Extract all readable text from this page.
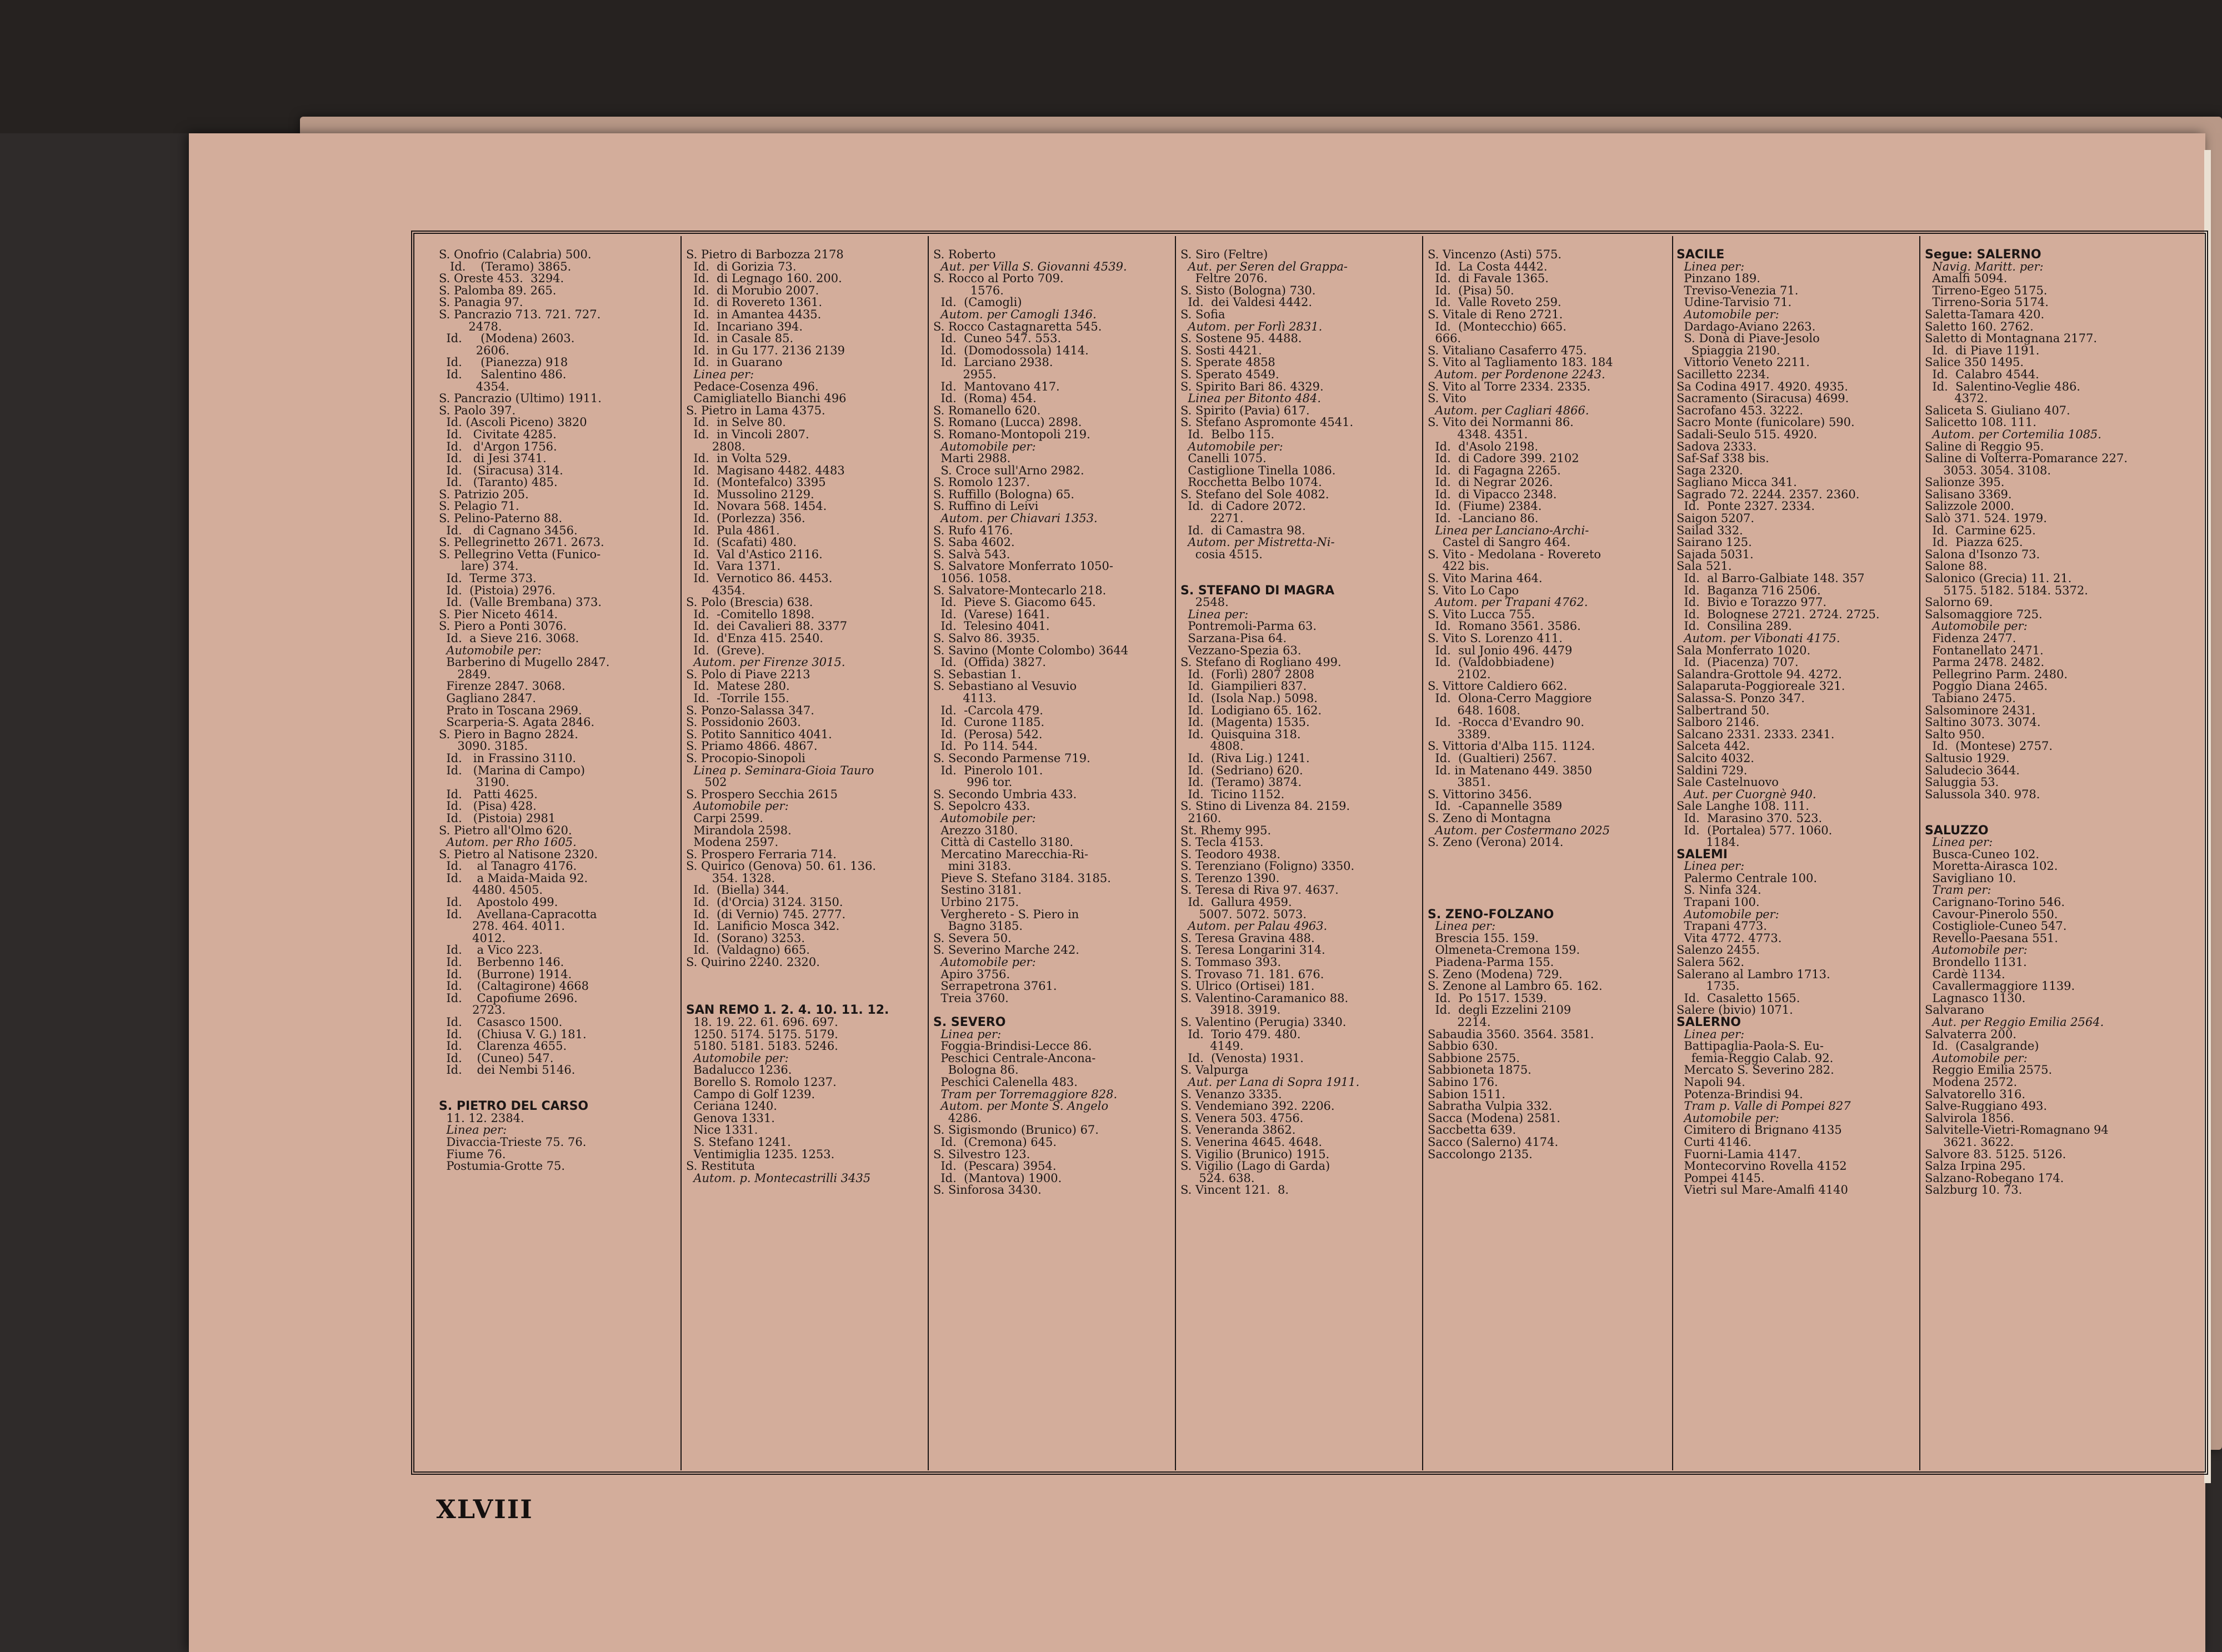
S. Onofrio (Calabria) 500.
Id.    (Teramo) 3865.
S. Oreste 453.  3294.
S. Palomba 89. 265.
S. Panagia 97.
S. Pancrazio 713. 721. 727.
2478.
Id.     (Modena) 2603.
2606.
Id.     (Pianezza) 918
Id.     Salentino 486.
4354.
S. Pancrazio (Ultimo) 1911.
S. Paolo 397.
Id. (Ascoli Piceno) 3820
Id.   Civitate 4285.
Id.   d'Argon 1756.
Id.   di Jesi 3741.
Id.   (Siracusa) 314.
Id.   (Taranto) 485.
S. Patrizio 205.
S. Pelagio 71.
S. Pelino-Paterno 88.
Id.   di Cagnano 3456.
S. Pellegrinetto 2671. 2673.
S. Pellegrino Vetta (Funico-
lare) 374.
Id.  Terme 373.
Id.  (Pistoia) 2976.
Id.  (Valle Brembana) 373.
S. Pier Niceto 4614.
S. Piero a Ponti 3076.
Id.  a Sieve 216. 3068.
Automobile per:
Barberino di Mugello 2847.
2849.
Firenze 2847. 3068.
Gagliano 2847.
Prato in Toscana 2969.
Scarperia-S. Agata 2846.
S. Piero in Bagno 2824.
3090. 3185.
Id.   in Frassino 3110.
Id.   (Marina di Campo)
3190.
Id.   Patti 4625.
Id.   (Pisa) 428.
Id.   (Pistoia) 2981
S. Pietro all'Olmo 620.
Autom. per Rho 1605.
S. Pietro al Natisone 2320.
Id.    al Tanagro 4176.
Id.    a Maida-Maida 92.
4480. 4505.
Id.    Apostolo 499.
Id.    Avellana-Capracotta
278. 464. 4011.
4012.
Id.    a Vico 223.
Id.    Berbenno 146.
Id.    (Burrone) 1914.
Id.    (Caltagirone) 4668
Id.    Capofiume 2696.
2723.
Id.    Casasco 1500.
Id.    (Chiusa V. G.) 181.
Id.    Clarenza 4655.
Id.    (Cuneo) 547.
Id.    dei Nembi 5146.
S. PIETRO DEL CARSO
11. 12. 2384.
Linea per:
Divaccia-Trieste 75. 76.
Fiume 76.
Postumia-Grotte 75.
S. Pietro di Barbozza 2178
Id.  di Gorizia 73.
Id.  di Legnago 160. 200.
Id.  di Morubio 2007.
Id.  di Rovereto 1361.
Id.  in Amantea 4435.
Id.  Incariano 394.
Id.  in Casale 85.
Id.  in Gu 177. 2136 2139
Id.  in Guarano
Linea per:
Pedace-Cosenza 496.
Camigliatello Bianchi 496
S. Pietro in Lama 4375.
Id.  in Selve 80.
Id.  in Vincoli 2807.
2808.
Id.  in Volta 529.
Id.  Magisano 4482. 4483
Id.  (Montefalco) 3395
Id.  Mussolino 2129.
Id.  Novara 568. 1454.
Id.  (Porlezza) 356.
Id.  Pula 4861.
Id.  (Scafati) 480.
Id.  Val d'Astico 2116.
Id.  Vara 1371.
Id.  Vernotico 86. 4453.
4354.
S. Polo (Brescia) 638.
Id.  -Comitello 1898.
Id.  dei Cavalieri 88. 3377
Id.  d'Enza 415. 2540.
Id.  (Greve).
Autom. per Firenze 3015.
S. Polo di Piave 2213
Id.  Matese 280.
Id.  -Torrile 155.
S. Ponzo-Salassa 347.
S. Possidonio 2603.
S. Potito Sannitico 4041.
S. Priamo 4866. 4867.
S. Procopio-Sinopoli
Linea p. Seminara-Gioia Tauro
502
S. Prospero Secchia 2615
Automobile per:
Carpi 2599.
Mirandola 2598.
Modena 2597.
S. Prospero Ferraria 714.
S. Quirico (Genova) 50. 61. 136.
354. 1328.
Id.  (Biella) 344.
Id.  (d'Orcia) 3124. 3150.
Id.  (di Vernio) 745. 2777.
Id.  Lanificio Mosca 342.
Id.  (Sorano) 3253.
Id.  (Valdagno) 665.
S. Quirino 2240. 2320.
SAN REMO 1. 2. 4. 10. 11. 12.
18. 19. 22. 61. 696. 697.
1250. 5174. 5175. 5179.
5180. 5181. 5183. 5246.
Automobile per:
Badalucco 1236.
Borello S. Romolo 1237.
Campo di Golf 1239.
Ceriana 1240.
Genova 1331.
Nice 1331.
S. Stefano 1241.
Ventimiglia 1235. 1253.
S. Restituta
Autom. p. Montecastrilli 3435
S. Roberto
Aut. per Villa S. Giovanni 4539.
S. Rocco al Porto 709.
1576.
Id.  (Camogli)
Autom. per Camogli 1346.
S. Rocco Castagnaretta 545.
Id.  Cuneo 547. 553.
Id.  (Domodossola) 1414.
Id.  Larciano 2938.
2955.
Id.  Mantovano 417.
Id.  (Roma) 454.
S. Romanello 620.
S. Romano (Lucca) 2898.
S. Romano-Montopoli 219.
Automobile per:
Marti 2988.
S. Croce sull'Arno 2982.
S. Romolo 1237.
S. Ruffillo (Bologna) 65.
S. Ruffino di Leivi
Autom. per Chiavari 1353.
S. Rufo 4176.
S. Saba 4602.
S. Salvà 543.
S. Salvatore Monferrato 1050-
1056. 1058.
S. Salvatore-Montecarlo 218.
Id.  Pieve S. Giacomo 645.
Id.  (Varese) 1641.
Id.  Telesino 4041.
S. Salvo 86. 3935.
S. Savino (Monte Colombo) 3644
Id.  (Offida) 3827.
S. Sebastian 1.
S. Sebastiano al Vesuvio
4113.
Id.  -Carcola 479.
Id.  Curone 1185.
Id.  (Perosa) 542.
Id.  Po 114. 544.
S. Secondo Parmense 719.
Id.  Pinerolo 101.
996 tor.
S. Secondo Umbria 433.
S. Sepolcro 433.
Automobile per:
Arezzo 3180.
Città di Castello 3180.
Mercatino Marecchia-Ri-
mini 3183.
Pieve S. Stefano 3184. 3185.
Sestino 3181.
Urbino 2175.
Verghereto - S. Piero in
Bagno 3185.
S. Severa 50.
S. Severino Marche 242.
Automobile per:
Apiro 3756.
Serrapetrona 3761.
Treia 3760.
S. SEVERO
Linea per:
Foggia-Brindisi-Lecce 86.
Peschici Centrale-Ancona-
Bologna 86.
Peschici Calenella 483.
Tram per Torremaggiore 828.
Autom. per Monte S. Angelo
4286.
S. Sigismondo (Brunico) 67.
Id.  (Cremona) 645.
S. Silvestro 123.
Id.  (Pescara) 3954.
Id.  (Mantova) 1900.
S. Sinforosa 3430.
S. Siro (Feltre)
Aut. per Seren del Grappa-
Feltre 2076.
S. Sisto (Bologna) 730.
Id.  dei Valdesi 4442.
S. Sofia
Autom. per Forlì 2831.
S. Sostene 95. 4488.
S. Sosti 4421.
S. Sperate 4858
S. Sperato 4549.
S. Spirito Bari 86. 4329.
Linea per Bitonto 484.
S. Spirito (Pavia) 617.
S. Stefano Aspromonte 4541.
Id.  Belbo 115.
Automobile per:
Canelli 1075.
Castiglione Tinella 1086.
Rocchetta Belbo 1074.
S. Stefano del Sole 4082.
Id.  di Cadore 2072.
2271.
Id.  di Camastra 98.
Autom. per Mistretta-Ni-
cosia 4515.
S. STEFANO DI MAGRA
2548.
Linea per:
Pontremoli-Parma 63.
Sarzana-Pisa 64.
Vezzano-Spezia 63.
S. Stefano di Rogliano 499.
Id.  (Forlì) 2807 2808
Id.  Giampilieri 837.
Id.  (Isola Nap.) 5098.
Id.  Lodigiano 65. 162.
Id.  (Magenta) 1535.
Id.  Quisquina 318.
4808.
Id.  (Riva Lig.) 1241.
Id.  (Sedriano) 620.
Id.  (Teramo) 3874.
Id.  Ticino 1152.
S. Stino di Livenza 84. 2159.
2160.
St. Rhemy 995.
S. Tecla 4153.
S. Teodoro 4938.
S. Terenziano (Foligno) 3350.
S. Terenzo 1390.
S. Teresa di Riva 97. 4637.
Id.  Gallura 4959.
5007. 5072. 5073.
Autom. per Palau 4963.
S. Teresa Gravina 488.
S. Teresa Longarini 314.
S. Tommaso 393.
S. Trovaso 71. 181. 676.
S. Ulrico (Ortisei) 181.
S. Valentino-Caramanico 88.
3918. 3919.
S. Valentino (Perugia) 3340.
Id.  Torio 479. 480.
4149.
Id.  (Venosta) 1931.
S. Valpurga
Aut. per Lana di Sopra 1911.
S. Venanzo 3335.
S. Vendemiano 392. 2206.
S. Venera 503. 4756.
S. Veneranda 3862.
S. Venerina 4645. 4648.
S. Vigilio (Brunico) 1915.
S. Vigilio (Lago di Garda)
524. 638.
S. Vincent 121.  8.
S. Vincenzo (Asti) 575.
Id.  La Costa 4442.
Id.  di Favale 1365.
Id.  (Pisa) 50.
Id.  Valle Roveto 259.
S. Vitale di Reno 2721.
Id.  (Montecchio) 665.
666.
S. Vitaliano Casaferro 475.
S. Vito al Tagliamento 183. 184
Autom. per Pordenone 2243.
S. Vito al Torre 2334. 2335.
S. Vito
Autom. per Cagliari 4866.
S. Vito dei Normanni 86.
4348. 4351.
Id.  d'Asolo 2198.
Id.  di Cadore 399. 2102
Id.  di Fagagna 2265.
Id.  di Negrar 2026.
Id.  di Vipacco 2348.
Id.  (Fiume) 2384.
Id.  -Lanciano 86.
Linea per Lanciano-Archi-
Castel di Sangro 464.
S. Vito - Medolana - Rovereto
422 bis.
S. Vito Marina 464.
S. Vito Lo Capo
Autom. per Trapani 4762.
S. Vito Lucca 755.
Id.  Romano 3561. 3586.
S. Vito S. Lorenzo 411.
Id.  sul Jonio 496. 4479
Id.  (Valdobbiadene)
2102.
S. Vittore Caldiero 662.
Id.  Olona-Cerro Maggiore
648. 1608.
Id.  -Rocca d'Evandro 90.
3389.
S. Vittoria d'Alba 115. 1124.
Id.  (Gualtieri) 2567.
Id. in Matenano 449. 3850
3851.
S. Vittorino 3456.
Id.  -Capannelle 3589
S. Zeno di Montagna
Autom. per Costermano 2025
S. Zeno (Verona) 2014.
S. ZENO-FOLZANO
Linea per:
Brescia 155. 159.
Olmeneta-Cremona 159.
Piadena-Parma 155.
S. Zeno (Modena) 729.
S. Zenone al Lambro 65. 162.
Id.  Po 1517. 1539.
Id.  degli Ezzelini 2109
2214.
Sabaudia 3560. 3564. 3581.
Sabbio 630.
Sabbione 2575.
Sabbioneta 1875.
Sabino 176.
Sabion 1511.
Sabratha Vulpia 332.
Sacca (Modena) 2581.
Saccbetta 639.
Sacco (Salerno) 4174.
Saccolongo 2135.
SACILE
Linea per:
Pinzano 189.
Treviso-Venezia 71.
Udine-Tarvisio 71.
Automobile per:
Dardago-Aviano 2263.
S. Donà di Piave-Jesolo
Spiaggia 2190.
Vittorio Veneto 2211.
Sacilletto 2234.
Sa Codina 4917. 4920. 4935.
Sacramento (Siracusa) 4699.
Sacrofano 453. 3222.
Sacro Monte (funicolare) 590.
Sadali-Seulo 515. 4920.
Sadova 2333.
Saf-Saf 338 bis.
Saga 2320.
Sagliano Micca 341.
Sagrado 72. 2244. 2357. 2360.
Id.  Ponte 2327. 2334.
Saigon 5207.
Sailad 332.
Sairano 125.
Sajada 5031.
Sala 521.
Id.  al Barro-Galbiate 148. 357
Id.  Baganza 716 2506.
Id.  Bivio e Torazzo 977.
Id.  Bolognese 2721. 2724. 2725.
Id.  Consilina 289.
Autom. per Vibonati 4175.
Sala Monferrato 1020.
Id.  (Piacenza) 707.
Salandra-Grottole 94. 4272.
Salaparuta-Poggioreale 321.
Salassa-S. Ponzo 347.
Salbertrand 50.
Salboro 2146.
Salcano 2331. 2333. 2341.
Salceta 442.
Salcito 4032.
Saldini 729.
Sale Castelnuovo
Aut. per Cuorgnè 940.
Sale Langhe 108. 111.
Id.  Marasino 370. 523.
Id.  (Portalea) 577. 1060.
1184.
SALEMI
Linea per:
Palermo Centrale 100.
S. Ninfa 324.
Trapani 100.
Automobile per:
Trapani 4773.
Vita 4772. 4773.
Salenzo 2455.
Salera 562.
Salerano al Lambro 1713.
1735.
Id.  Casaletto 1565.
Salere (bivio) 1071.
SALERNO
Linea per:
Battipaglia-Paola-S. Eu-
femia-Reggio Calab. 92.
Mercato S. Severino 282.
Napoli 94.
Potenza-Brindisi 94.
Tram p. Valle di Pompei 827
Automobile per:
Cimitero di Brignano 4135
Curti 4146.
Fuorni-Lamia 4147.
Montecorvino Rovella 4152
Pompei 4145.
Vietri sul Mare-Amalfi 4140
Segue: SALERNO
Navig. Maritt. per:
Amalfi 5094.
Tirreno-Egeo 5175.
Tirreno-Soria 5174.
Saletta-Tamara 420.
Saletto 160. 2762.
Saletto di Montagnana 2177.
Id.  di Piave 1191.
Salice 350 1495.
Id.  Calabro 4544.
Id.  Salentino-Veglie 486.
4372.
Saliceta S. Giuliano 407.
Salicetto 108. 111.
Autom. per Cortemilia 1085.
Saline di Reggio 95.
Saline di Volterra-Pomarance 227.
3053. 3054. 3108.
Salionze 395.
Salisano 3369.
Salizzole 2000.
Salò 371. 524. 1979.
Id.  Carmine 625.
Id.  Piazza 625.
Salona d'Isonzo 73.
Salone 88.
Salonico (Grecia) 11. 21.
5175. 5182. 5184. 5372.
Salorno 69.
Salsomaggiore 725.
Automobile per:
Fidenza 2477.
Fontanellato 2471.
Parma 2478. 2482.
Pellegrino Parm. 2480.
Poggio Diana 2465.
Tabiano 2475.
Salsominore 2431.
Saltino 3073. 3074.
Salto 950.
Id.  (Montese) 2757.
Saltusio 1929.
Saludecio 3644.
Saluggia 53.
Salussola 340. 978.
SALUZZO
Linea per:
Busca-Cuneo 102.
Moretta-Airasca 102.
Savigliano 10.
Tram per:
Carignano-Torino 546.
Cavour-Pinerolo 550.
Costigliole-Cuneo 547.
Revello-Paesana 551.
Automobile per:
Brondello 1131.
Cardè 1134.
Cavallermaggiore 1139.
Lagnasco 1130.
Salvarano
Aut. per Reggio Emilia 2564.
Salvaterra 200.
Id.  (Casalgrande)
Automobile per:
Reggio Emilia 2575.
Modena 2572.
Salvatorello 316.
Salve-Ruggiano 493.
Salvirola 1856.
Salvitelle-Vietri-Romagnano 94
3621. 3622.
Salvore 83. 5125. 5126.
Salza Irpina 295.
Salzano-Robegano 174.
Salzburg 10. 73.
XLVIII
